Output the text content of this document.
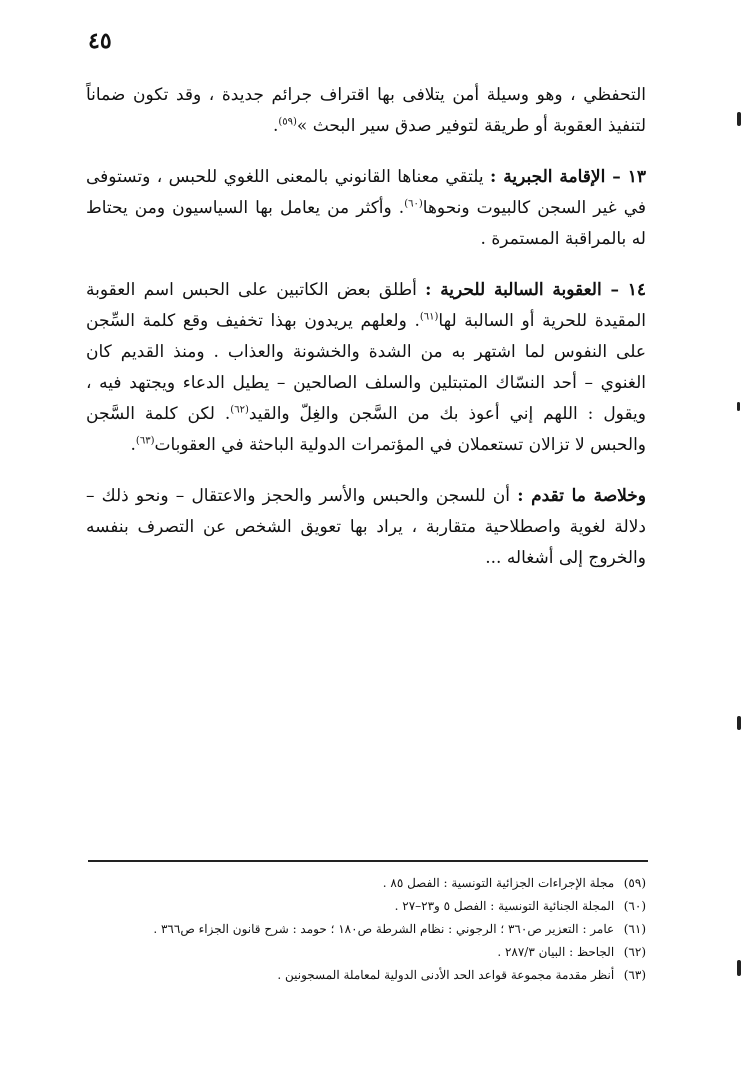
٤٥

التحفظي ، وهو وسيلة أمن يتلافى بها اقتراف جرائم جديدة ، وقد تكون ضماناً لتنفيذ العقوبة أو طريقة لتوفير صدق سير البحث »$^{(٥٩)}$.

١٣ – الإقامة الجبرية : يلتقي معناها القانوني بالمعنى اللغوي للحبس ، وتستوفى في غير السجن كالبيوت ونحوها$^{(٦٠)}$. وأكثر من يعامل بها السياسيون ومن يحتاط له بالمراقبة المستمرة .

١٤ – العقوبة السالبة للحرية : أطلق بعض الكاتبين على الحبس اسم العقوبة المقيدة للحرية أو السالبة لها$^{(٦١)}$. ولعلهم يريدون بهذا تخفيف وقع كلمة السِّجن على النفوس لما اشتهر به من الشدة والخشونة والعذاب . ومنذ القديم كان الغنوي – أحد النسّاك المتبتلين والسلف الصالحين – يطيل الدعاء ويجتهد فيه ، ويقول : اللهم إني أعوذ بك من السَّجن والغِلّ والقيد$^{(٦٢)}$. لكن كلمة السَّجن والحبس لا تزالان تستعملان في المؤتمرات الدولية الباحثة في العقوبات$^{(٦٣)}$.

وخلاصة ما تقدم : أن للسجن والحبس والأسر والحجز والاعتقال – ونحو ذلك – دلالة لغوية واصطلاحية متقاربة ، يراد بها تعويق الشخص عن التصرف بنفسه والخروج إلى أشغاله ...

(٥٩) مجلة الإجراءات الجزائية التونسية : الفصل ٨٥ .
(٦٠) المجلة الجنائية التونسية : الفصل ٥ و٢٣–٢٧ .
(٦١) عامر : التعزير ص٣٦٠ ؛ الرجوني : نظام الشرطة ص١٨٠ ؛ حومد : شرح قانون الجزاء ص٣٦٦ .
(٦٢) الجاحظ : البيان ٢٨٧/٣ .
(٦٣) أنظر مقدمة مجموعة قواعد الحد الأدنى الدولية لمعاملة المسجونين .
